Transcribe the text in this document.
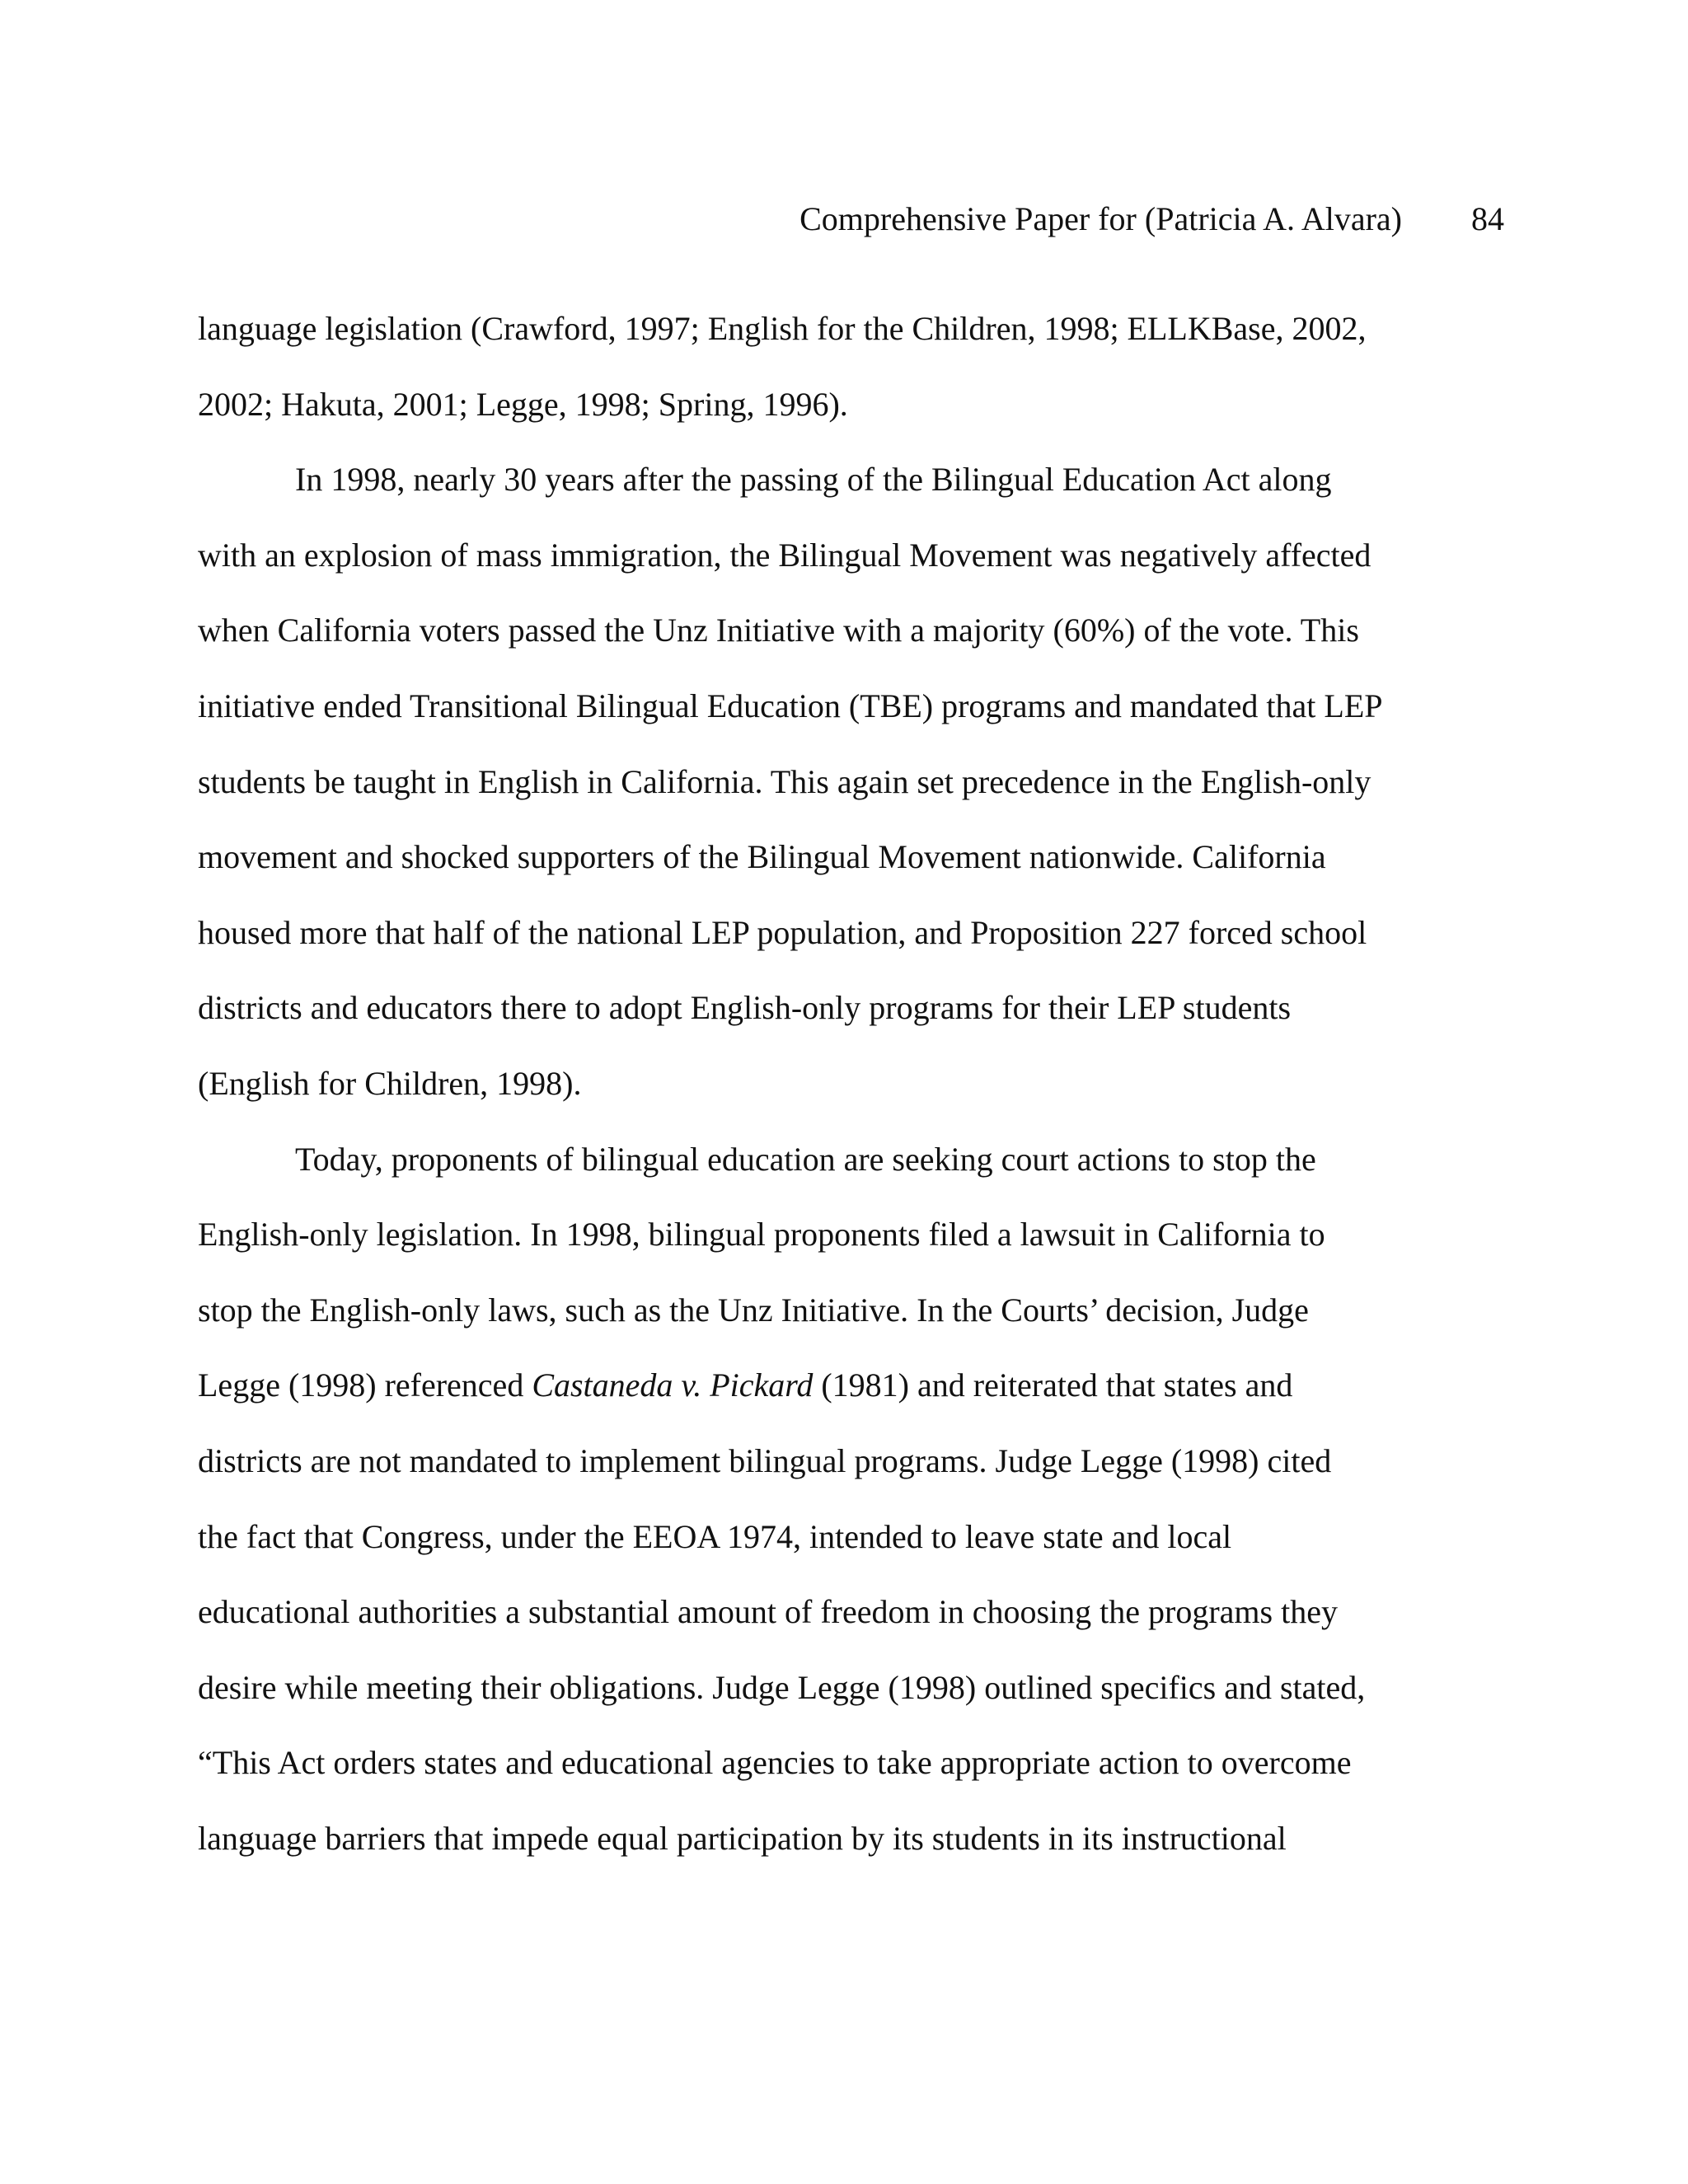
Comprehensive Paper for (Patricia A. Alvara) 84
language legislation (Crawford, 1997; English for the Children, 1998; ELLKBase, 2002,
2002; Hakuta, 2001; Legge, 1998; Spring, 1996).
In 1998, nearly 30 years after the passing of the Bilingual Education Act along
with an explosion of mass immigration, the Bilingual Movement was negatively affected
when California voters passed the Unz Initiative with a majority (60%) of the vote. This
initiative ended Transitional Bilingual Education (TBE) programs and mandated that LEP
students be taught in English in California. This again set precedence in the English-only
movement and shocked supporters of the Bilingual Movement nationwide. California
housed more that half of the national LEP population, and Proposition 227 forced school
districts and educators there to adopt English-only programs for their LEP students
(English for Children, 1998).
Today, proponents of bilingual education are seeking court actions to stop the
English-only legislation. In 1998, bilingual proponents filed a lawsuit in California to
stop the English-only laws, such as the Unz Initiative. In the Courts’ decision, Judge
Legge (1998) referenced Castaneda v. Pickard (1981) and reiterated that states and
districts are not mandated to implement bilingual programs. Judge Legge (1998) cited
the fact that Congress, under the EEOA 1974, intended to leave state and local
educational authorities a substantial amount of freedom in choosing the programs they
desire while meeting their obligations. Judge Legge (1998) outlined specifics and stated,
“This Act orders states and educational agencies to take appropriate action to overcome
language barriers that impede equal participation by its students in its instructional
